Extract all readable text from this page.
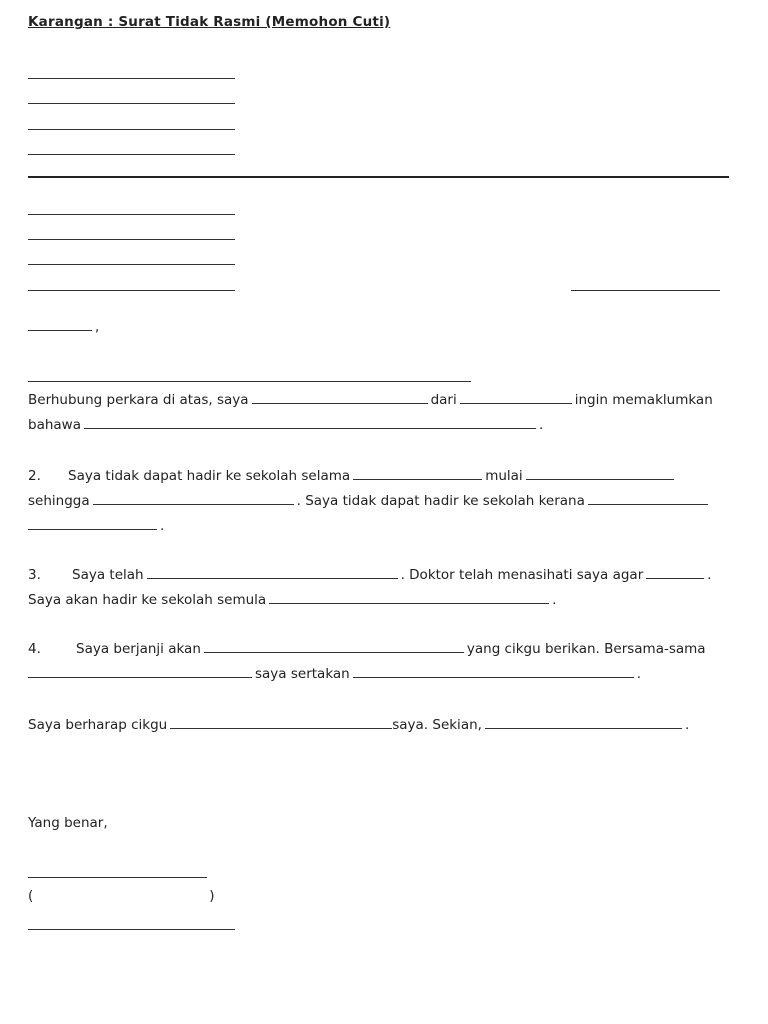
Karangan : Surat Tidak Rasmi (Memohon Cuti)
,
Berhubung perkara di atas, saya	dari	ingin memaklumkan
bahawa	.
2. Saya tidak dapat hadir ke sekolah selama	mulai
sehingga	. Saya tidak dapat hadir ke sekolah kerana
.
3. Saya telah	. Doktor telah menasihati saya agar	.
Saya akan hadir ke sekolah semula	.
4.	Saya berjanji akan	yang cikgu berikan. Bersama-sama
saya sertakan	.
Saya berharap cikgu	saya. Sekian,	.
Yang benar,
(	)
